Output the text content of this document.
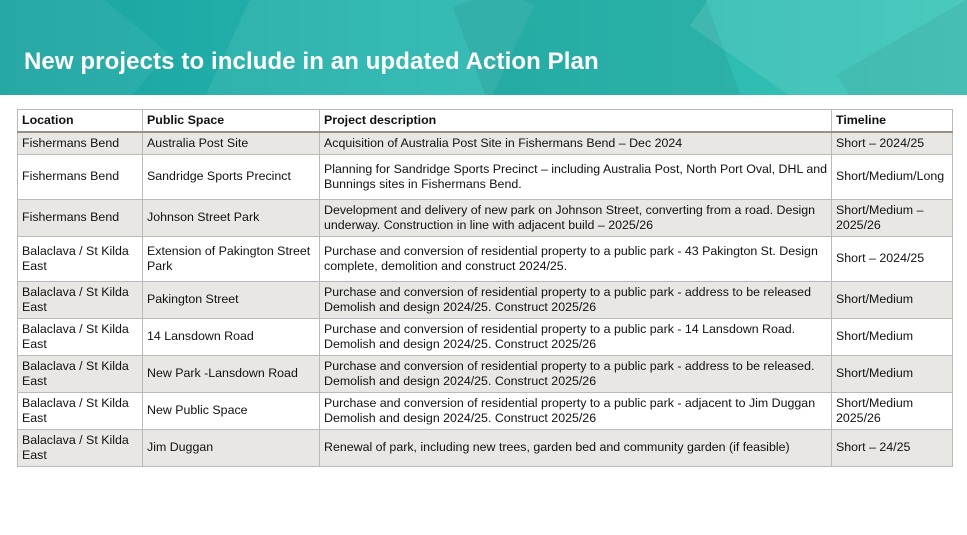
New projects to include in an updated Action Plan
Location	Public Space	Project description	Timeline
Fishermans Bend	Australia Post Site	Acquisition of Australia Post Site in Fishermans Bend – Dec 2024	Short – 2024/25
Fishermans Bend	Sandridge Sports Precinct	Planning for Sandridge Sports Precinct – including Australia Post, North Port Oval, DHL and Bunnings sites in Fishermans Bend.	Short/Medium/Long
Fishermans Bend	Johnson Street Park	Development and delivery of new park on Johnson Street, converting from a road. Design underway. Construction in line with adjacent build – 2025/26	Short/Medium – 2025/26
Balaclava / St Kilda East	Extension of Pakington Street Park	Purchase and conversion of residential property to a public park - 43 Pakington St. Design complete, demolition and construct 2024/25.	Short – 2024/25
Balaclava / St Kilda East	Pakington Street	Purchase and conversion of residential property to a public park - address to be released Demolish and design 2024/25. Construct 2025/26	Short/Medium
Balaclava / St Kilda East	14 Lansdown Road	Purchase and conversion of residential property to a public park - 14 Lansdown Road. Demolish and design 2024/25. Construct 2025/26	Short/Medium
Balaclava / St Kilda East	New Park -Lansdown Road	Purchase and conversion of residential property to a public park - address to be released. Demolish and design 2024/25. Construct 2025/26	Short/Medium
Balaclava / St Kilda East	New Public Space	Purchase and conversion of residential property to a public park - adjacent to Jim Duggan Demolish and design 2024/25. Construct 2025/26	Short/Medium 2025/26
Balaclava / St Kilda East	Jim Duggan	Renewal of park, including new trees, garden bed and community garden (if feasible)	Short – 24/25
